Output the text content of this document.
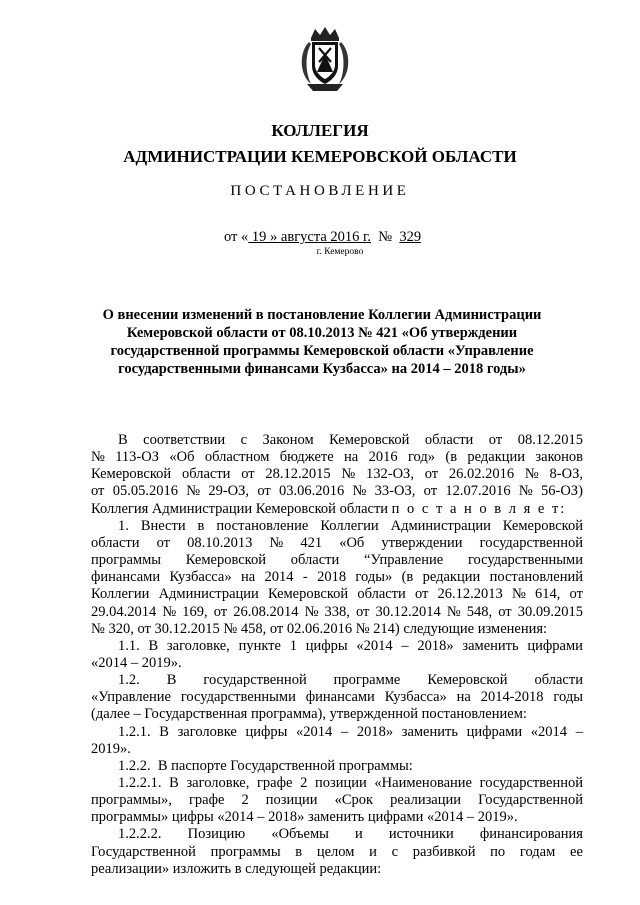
КОЛЛЕГИЯ
АДМИНИСТРАЦИИ КЕМЕРОВСКОЙ ОБЛАСТИ
ПОСТАНОВЛЕНИЕ
от « 19 » августа 2016 г. № 329
г. Кемерово
О внесении изменений в постановление Коллегии Администрации
Кемеровской области от 08.10.2013 № 421 «Об утверждении
государственной программы Кемеровской области «Управление
государственными финансами Кузбасса» на 2014 – 2018 годы»
В соответствии с Законом Кемеровской области от 08.12.2015
№ 113-ОЗ «Об областном бюджете на 2016 год» (в редакции законов
Кемеровской области от 28.12.2015 № 132-ОЗ, от 26.02.2016 № 8-ОЗ,
от 05.05.2016 № 29-ОЗ, от 03.06.2016 № 33-ОЗ, от 12.07.2016 № 56-ОЗ)
Коллегия Администрации Кемеровской области п о с т а н о в л я е т:
1. Внести в постановление Коллегии Администрации Кемеровской
области от 08.10.2013 № 421 «Об утверждении государственной
программы Кемеровской области “Управление государственными
финансами Кузбасса» на 2014 - 2018 годы» (в редакции постановлений
Коллегии Администрации Кемеровской области от 26.12.2013 № 614, от
29.04.2014 № 169, от 26.08.2014 № 338, от 30.12.2014 № 548, от 30.09.2015
№ 320, от 30.12.2015 № 458, от 02.06.2016 № 214) следующие изменения:
1.1. В заголовке, пункте 1 цифры «2014 – 2018» заменить цифрами
«2014 – 2019».
1.2. В государственной программе Кемеровской области
«Управление государственными финансами Кузбасса» на 2014-2018 годы
(далее – Государственная программа), утвержденной постановлением:
1.2.1. В заголовке цифры «2014 – 2018» заменить цифрами «2014 –
2019».
1.2.2.  В паспорте Государственной программы:
1.2.2.1. В заголовке, графе 2 позиции «Наименование государственной
программы», графе 2 позиции «Срок реализации Государственной
программы» цифры «2014 – 2018» заменить цифрами «2014 – 2019».
1.2.2.2. Позицию «Объемы и источники финансирования
Государственной программы в целом и с разбивкой по годам ее
реализации» изложить в следующей редакции:
